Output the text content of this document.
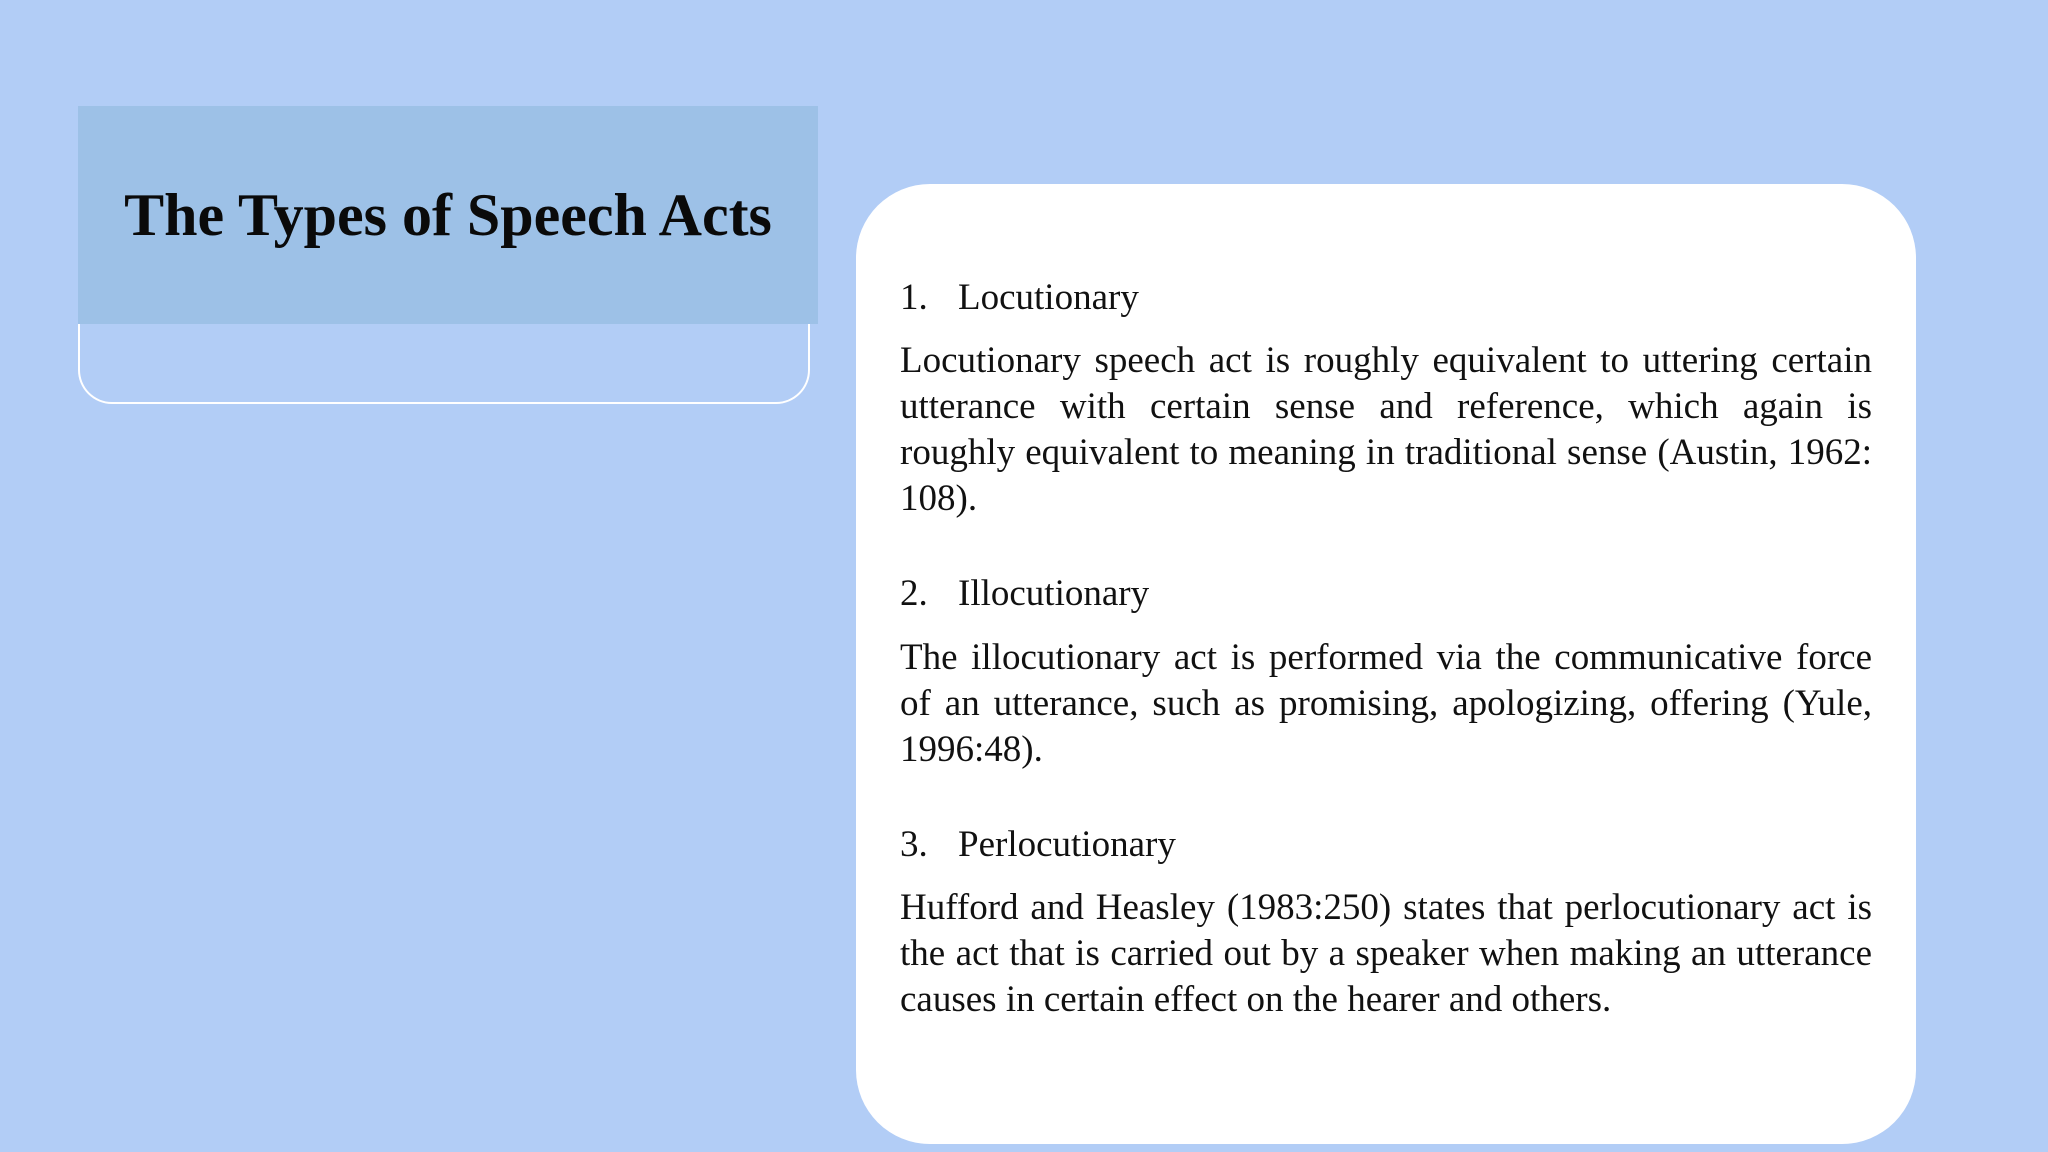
The Types of Speech Acts
1. Locutionary

Locutionary speech act is roughly equivalent to uttering certain utterance with certain sense and reference, which again is roughly equivalent to meaning in traditional sense (Austin, 1962: 108).

2. Illocutionary

The illocutionary act is performed via the communicative force of an utterance, such as promising, apologizing, offering (Yule, 1996:48).

3. Perlocutionary

Hufford and Heasley (1983:250) states that perlocutionary act is the act that is carried out by a speaker when making an utterance causes in certain effect on the hearer and others.
